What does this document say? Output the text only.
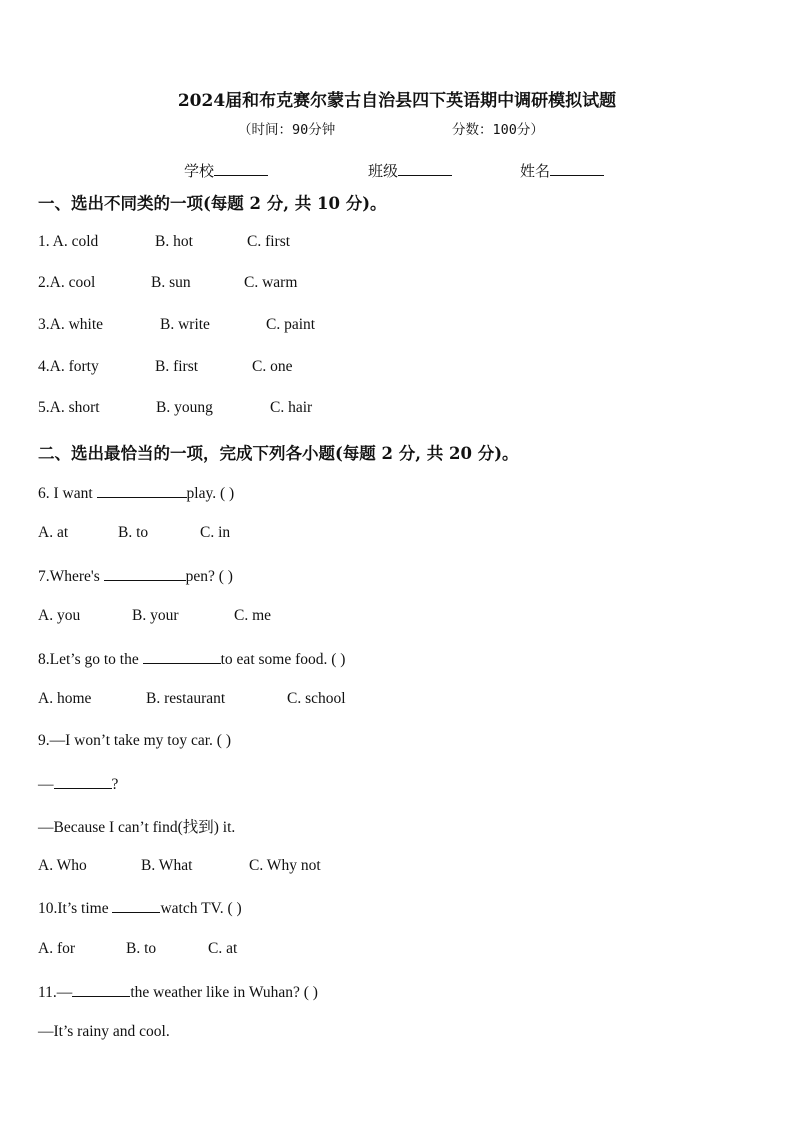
2024届和布克赛尔蒙古自治县四下英语期中调研模拟试题
（时间：90分钟	分数：100分）
学校	班级	姓名
一、选出不同类的一项(每题 2 分, 共 10 分)。
1. A. cold	B. hot	C. first
2.A. cool	B. sun	C. warm
3.A. white	B. write	C. paint
4.A. forty	B. first	C. one
5.A. short	B. young	C. hair
二、选出最恰当的一项，完成下列各小题(每题 2 分, 共 20 分)。
6. I want	play. ( )
A. at	B. to	C. in
7.Where's	pen? ( )
A. you	B. your	C. me
8.Let’s go to the	to eat some food. ( )
A. home	B. restaurant	C. school
9.—I won’t take my toy car. ( )
—	?
—Because I can’t find(找到) it.
A. Who	B. What	C. Why not
10.It’s time	watch TV. ( )
A. for	B. to	C. at
11.—	the weather like in Wuhan? ( )
—It’s rainy and cool.
